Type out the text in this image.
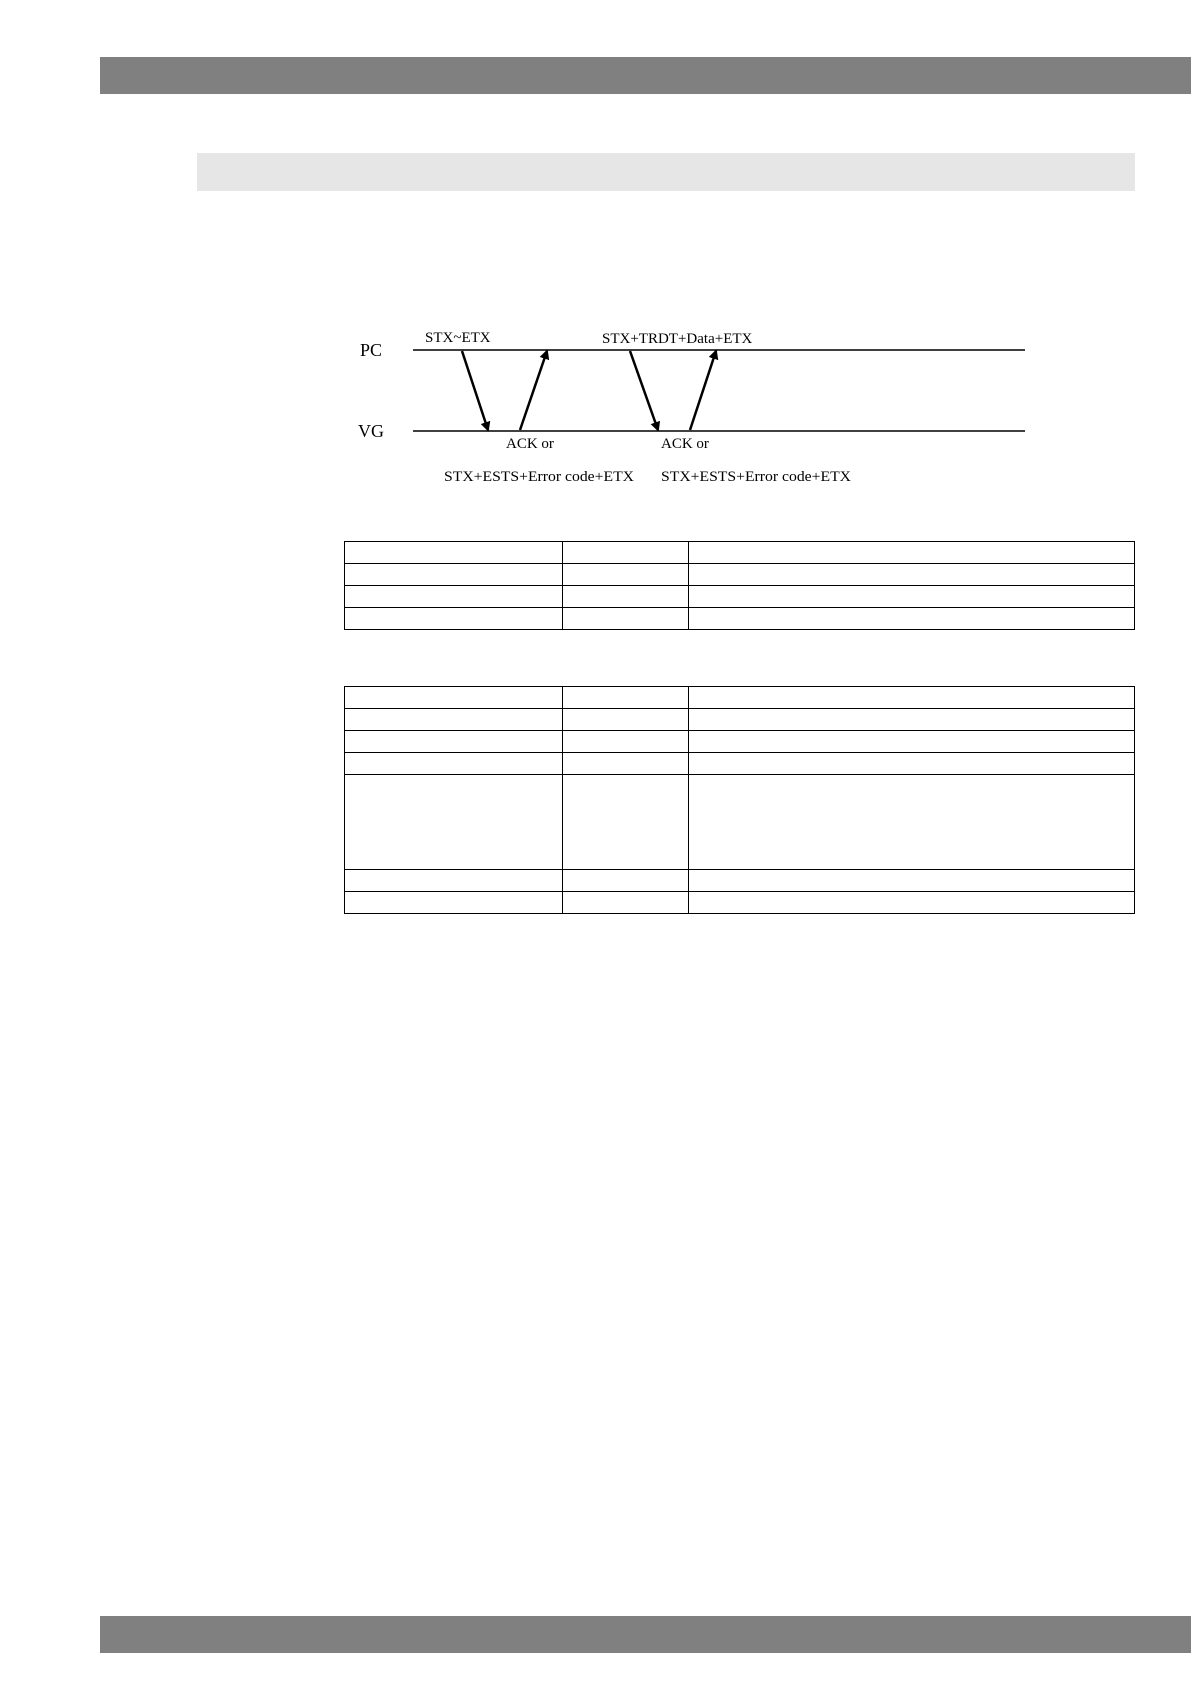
PC
VG
STX~ETX	STX+TRDT+Data+ETX
ACK or	ACK or
STX+ESTS+Error code+ETX STX+ESTS+Error code+ETX
